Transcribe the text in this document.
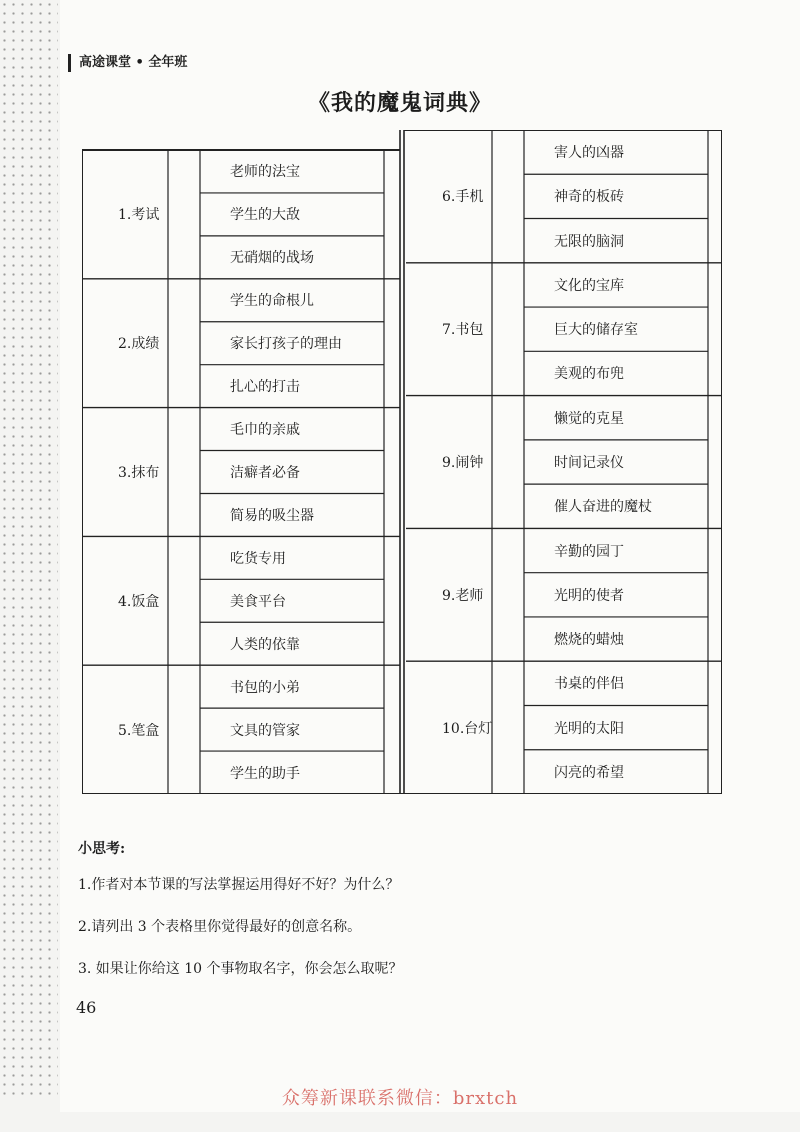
高途课堂 • 全年班
《我的魔鬼词典》
1.考试
老师的法宝
学生的大敌
无硝烟的战场
2.成绩
学生的命根儿
家长打孩子的理由
扎心的打击
3.抹布
毛巾的亲戚
洁癖者必备
简易的吸尘器
4.饭盒
吃货专用
美食平台
人类的依靠
5.笔盒
书包的小弟
文具的管家
学生的助手
6.手机
害人的凶器
神奇的板砖
无限的脑洞
7.书包
文化的宝库
巨大的储存室
美观的布兜
9.闹钟
懒觉的克星
时间记录仪
催人奋进的魔杖
9.老师
辛勤的园丁
光明的使者
燃烧的蜡烛
10.台灯
书桌的伴侣
光明的太阳
闪亮的希望
小思考:
1.作者对本节课的写法掌握运用得好不好？为什么？
2.请列出 3 个表格里你觉得最好的创意名称。
3. 如果让你给这 10 个事物取名字，你会怎么取呢？
46
众筹新课联系微信：brxtch
